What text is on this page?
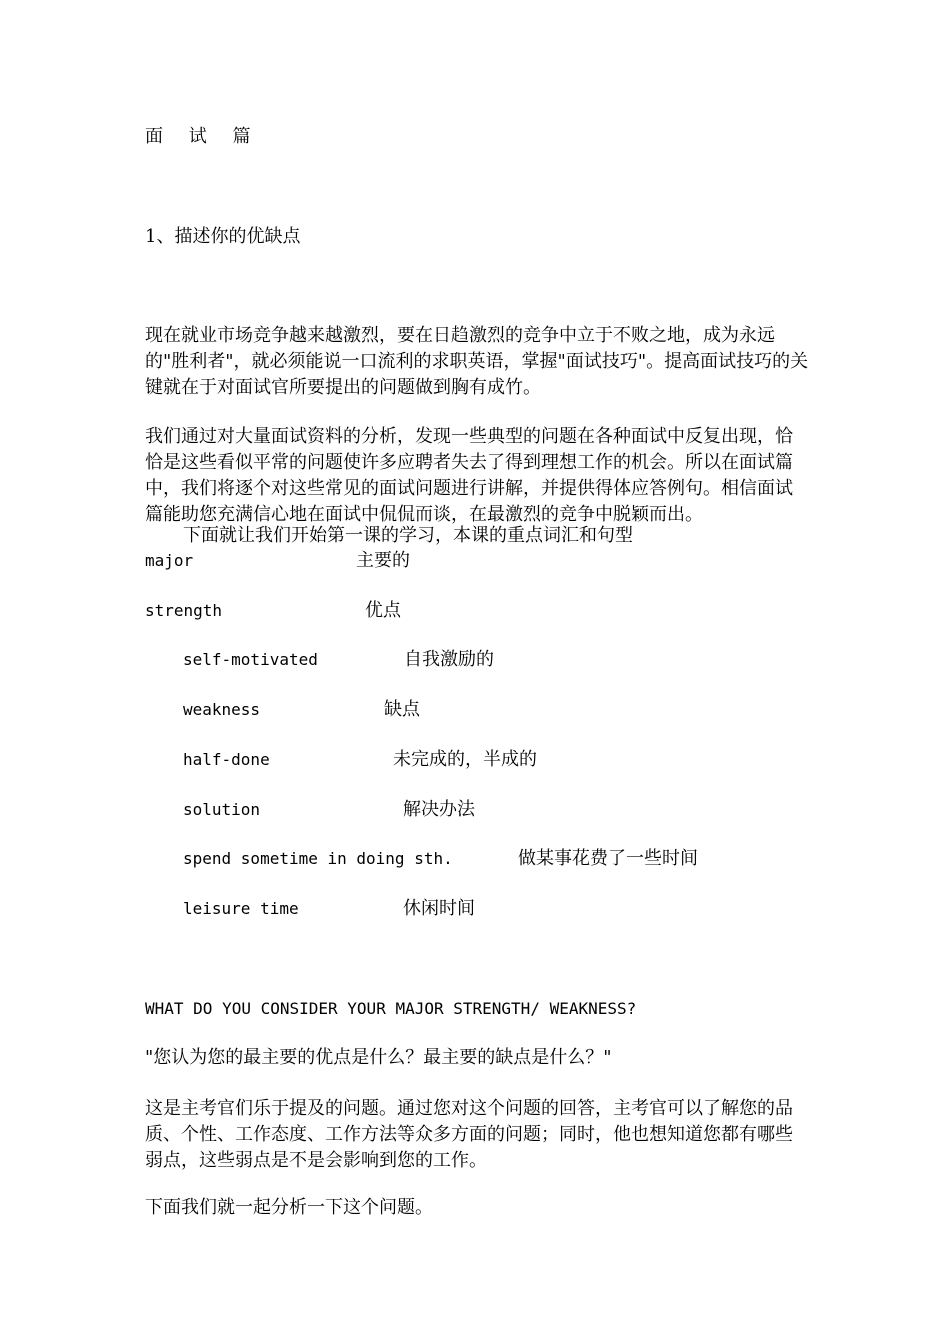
面 试 篇
1、描述你的优缺点

现在就业市场竞争越来越激烈，要在日趋激烈的竞争中立于不败之地，成为永远的"胜利者"，就必须能说一口流利的求职英语，掌握"面试技巧"。提高面试技巧的关键就在于对面试官所要提出的问题做到胸有成竹。

我们通过对大量面试资料的分析，发现一些典型的问题在各种面试中反复出现，恰恰是这些看似平常的问题使许多应聘者失去了得到理想工作的机会。所以在面试篇中，我们将逐个对这些常见的面试问题进行讲解，并提供得体应答例句。相信面试篇能助您充满信心地在面试中侃侃而谈，在最激烈的竞争中脱颖而出。

下面就让我们开始第一课的学习，本课的重点词汇和句型
major	主要的
strength	优点
self-motivated	自我激励的
weakness	缺点
half-done	未完成的，半成的
solution	解决办法
spend sometime in doing sth.	做某事花费了一些时间
leisure time	休闲时间
WHAT DO YOU CONSIDER YOUR MAJOR STRENGTH/ WEAKNESS?
"您认为您的最主要的优点是什么？最主要的缺点是什么？"

这是主考官们乐于提及的问题。通过您对这个问题的回答，主考官可以了解您的品质、个性、工作态度、工作方法等众多方面的问题；同时，他也想知道您都有哪些弱点，这些弱点是不是会影响到您的工作。

下面我们就一起分析一下这个问题。
